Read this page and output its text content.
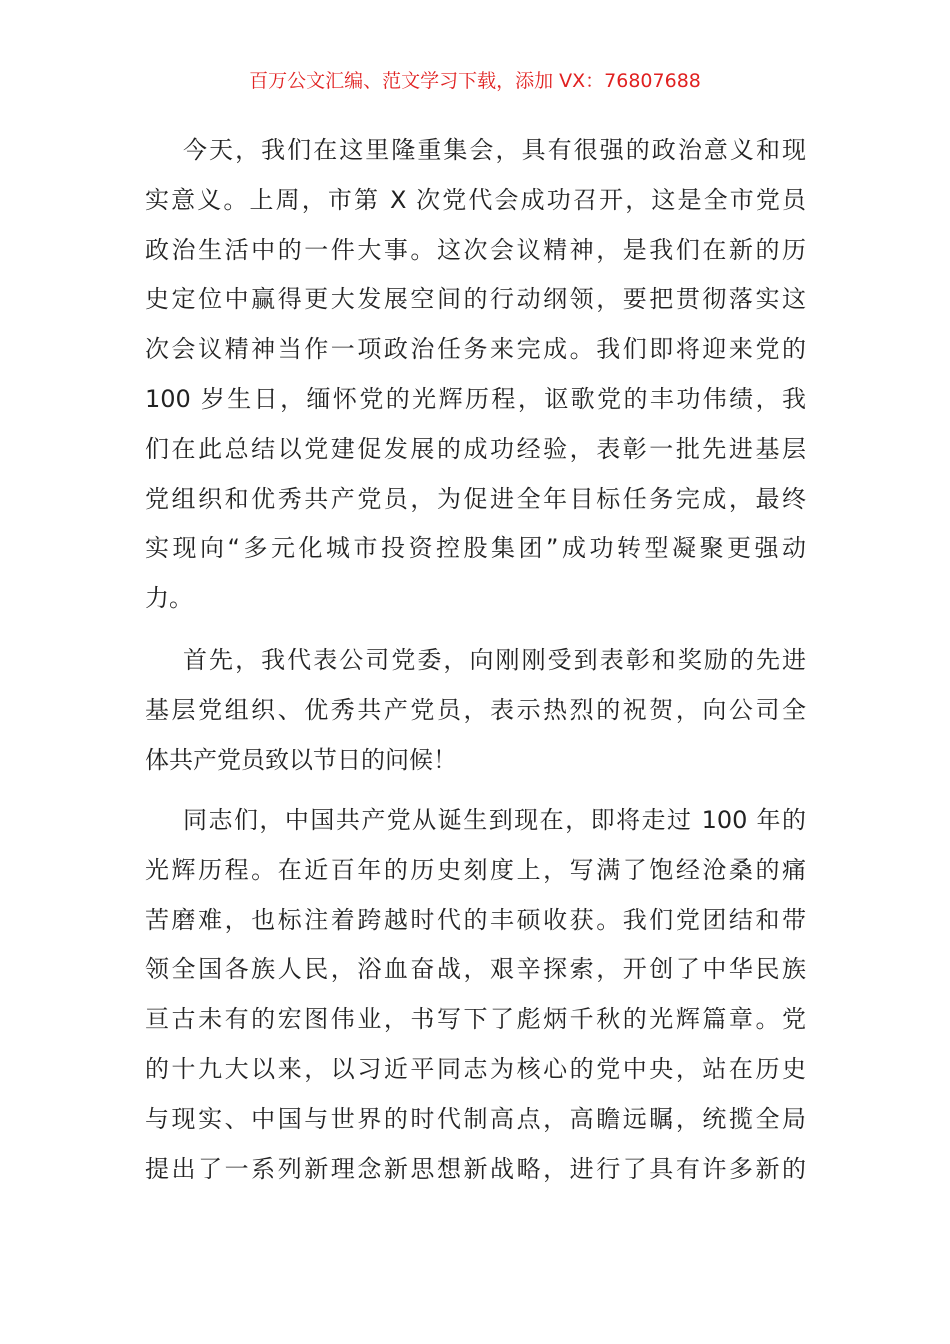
百万公文汇编、范文学习下载，添加 VX：76807688
今天，我们在这里隆重集会，具有很强的政治意义和现
实意义。上周，市第 X 次党代会成功召开，这是全市党员
政治生活中的一件大事。这次会议精神，是我们在新的历
史定位中赢得更大发展空间的行动纲领，要把贯彻落实这
次会议精神当作一项政治任务来完成。我们即将迎来党的
100 岁生日，缅怀党的光辉历程，讴歌党的丰功伟绩，我
们在此总结以党建促发展的成功经验，表彰一批先进基层
党组织和优秀共产党员，为促进全年目标任务完成，最终
实现向“多元化城市投资控股集团”成功转型凝聚更强动
力。
首先，我代表公司党委，向刚刚受到表彰和奖励的先进
基层党组织、优秀共产党员，表示热烈的祝贺，向公司全
体共产党员致以节日的问候！
同志们，中国共产党从诞生到现在，即将走过 100 年的
光辉历程。在近百年的历史刻度上，写满了饱经沧桑的痛
苦磨难，也标注着跨越时代的丰硕收获。我们党团结和带
领全国各族人民，浴血奋战，艰辛探索，开创了中华民族
亘古未有的宏图伟业，书写下了彪炳千秋的光辉篇章。党
的十九大以来，以习近平同志为核心的党中央，站在历史
与现实、中国与世界的时代制高点，高瞻远瞩，统揽全局
提出了一系列新理念新思想新战略，进行了具有许多新的
